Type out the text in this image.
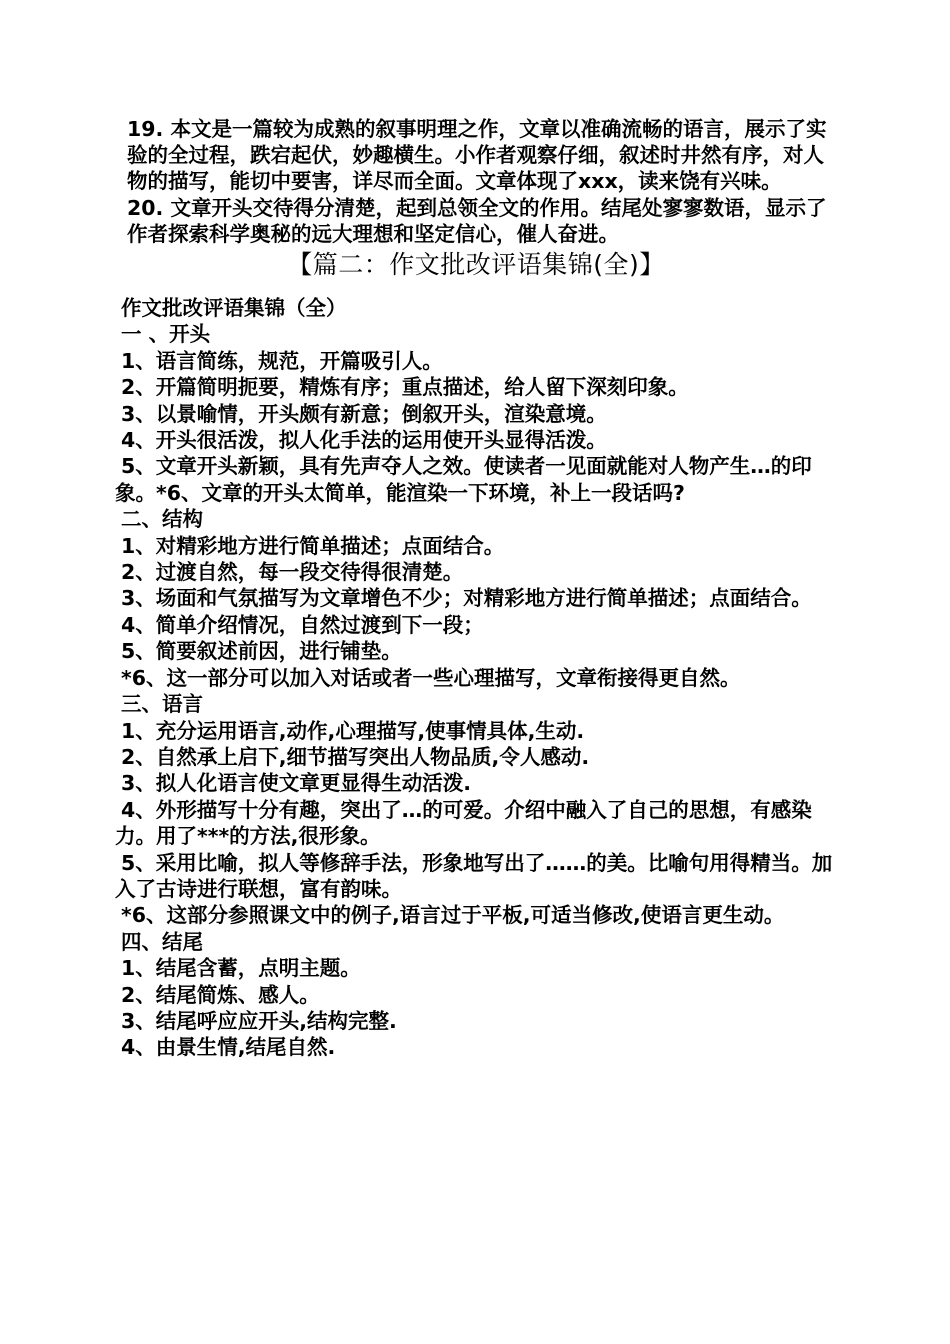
19. 本文是一篇较为成熟的叙事明理之作，文章以准确流畅的语言，展示了实验的全过程，跌宕起伏，妙趣横生。小作者观察仔细，叙述时井然有序，对人物的描写，能切中要害，详尽而全面。文章体现了xxx，读来饶有兴味。

20. 文章开头交待得分清楚，起到总领全文的作用。结尾处寥寥数语，显示了作者探索科学奥秘的远大理想和坚定信心，催人奋进。

【篇二：作文批改评语集锦(全)】

作文批改评语集锦（全）

一 、开头

1、语言简练，规范，开篇吸引人。

2、开篇简明扼要，精炼有序；重点描述，给人留下深刻印象。

3、以景喻情，开头颇有新意；倒叙开头，渲染意境。

4、开头很活泼，拟人化手法的运用使开头显得活泼。

5、文章开头新颖，具有先声夺人之效。使读者一见面就能对人物产生…的印象。*6、文章的开头太简单，能渲染一下环境，补上一段话吗?

二、结构

1、对精彩地方进行简单描述；点面结合。

2、过渡自然，每一段交待得很清楚。

3、场面和气氛描写为文章增色不少；对精彩地方进行简单描述；点面结合。

4、简单介绍情况，自然过渡到下一段；

5、简要叙述前因，进行铺垫。

*6、这一部分可以加入对话或者一些心理描写，文章衔接得更自然。

三、语言

1、充分运用语言,动作,心理描写,使事情具体,生动.

2、自然承上启下,细节描写突出人物品质,令人感动.

3、拟人化语言使文章更显得生动活泼.

4、外形描写十分有趣，突出了…的可爱。介绍中融入了自己的思想，有感染力。用了***的方法,很形象。

5、采用比喻，拟人等修辞手法，形象地写出了……的美。比喻句用得精当。加入了古诗进行联想，富有韵味。

*6、这部分参照课文中的例子,语言过于平板,可适当修改,使语言更生动。

四、结尾

1、结尾含蓄，点明主题。

2、结尾简炼、感人。

3、结尾呼应应开头,结构完整.

4、由景生情,结尾自然.
